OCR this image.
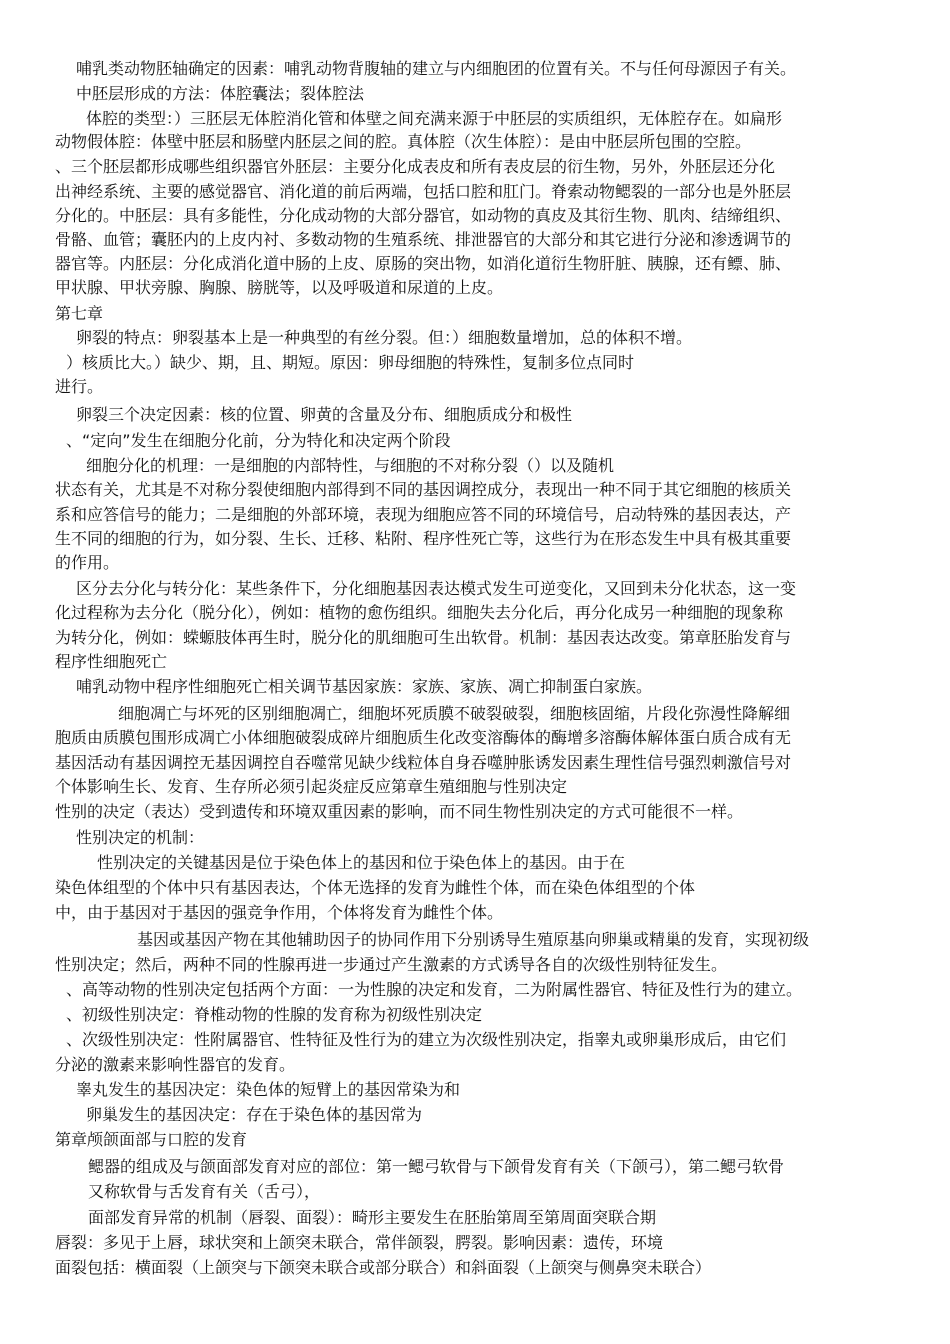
哺乳类动物胚轴确定的因素：哺乳动物背腹轴的建立与内细胞团的位置有关。不与任何母源因子有关。
中胚层形成的方法：体腔囊法；裂体腔法
体腔的类型：）三胚层无体腔消化管和体壁之间充满来源于中胚层的实质组织，无体腔存在。如扁形
动物假体腔：体壁中胚层和肠壁内胚层之间的腔。真体腔（次生体腔）：是由中胚层所包围的空腔。
、三个胚层都形成哪些组织器官外胚层：主要分化成表皮和所有表皮层的衍生物，另外，外胚层还分化
出神经系统、主要的感觉器官、消化道的前后两端，包括口腔和肛门。脊索动物鳃裂的一部分也是外胚层
分化的。中胚层：具有多能性，分化成动物的大部分器官，如动物的真皮及其衍生物、肌肉、结缔组织、
骨骼、血管；囊胚内的上皮内衬、多数动物的生殖系统、排泄器官的大部分和其它进行分泌和渗透调节的
器官等。内胚层：分化成消化道中肠的上皮、原肠的突出物，如消化道衍生物肝脏、胰腺，还有鳔、肺、
甲状腺、甲状旁腺、胸腺、膀胱等，以及呼吸道和尿道的上皮。
第七章
卵裂的特点：卵裂基本上是一种典型的有丝分裂。但：）细胞数量增加，总的体积不增。
）核质比大。）缺少、期，且、期短。原因：卵母细胞的特殊性，复制多位点同时
进行。
卵裂三个决定因素：核的位置、卵黄的含量及分布、细胞质成分和极性
、“定向”发生在细胞分化前，分为特化和决定两个阶段
细胞分化的机理：一是细胞的内部特性，与细胞的不对称分裂（）以及随机
状态有关，尤其是不对称分裂使细胞内部得到不同的基因调控成分，表现出一种不同于其它细胞的核质关
系和应答信号的能力；二是细胞的外部环境，表现为细胞应答不同的环境信号，启动特殊的基因表达，产
生不同的细胞的行为，如分裂、生长、迁移、粘附、程序性死亡等，这些行为在形态发生中具有极其重要
的作用。
区分去分化与转分化：某些条件下，分化细胞基因表达模式发生可逆变化，又回到未分化状态，这一变
化过程称为去分化（脱分化），例如：植物的愈伤组织。细胞失去分化后，再分化成另一种细胞的现象称
为转分化，例如：蝾螈肢体再生时，脱分化的肌细胞可生出软骨。机制：基因表达改变。第章胚胎发育与
程序性细胞死亡
哺乳动物中程序性细胞死亡相关调节基因家族：家族、家族、凋亡抑制蛋白家族。
细胞凋亡与坏死的区别细胞凋亡，细胞坏死质膜不破裂破裂，细胞核固缩，片段化弥漫性降解细
胞质由质膜包围形成凋亡小体细胞破裂成碎片细胞质生化改变溶酶体的酶增多溶酶体解体蛋白质合成有无
基因活动有基因调控无基因调控自吞噬常见缺少线粒体自身吞噬肿胀诱发因素生理性信号强烈刺激信号对
个体影响生长、发育、生存所必须引起炎症反应第章生殖细胞与性别决定
性别的决定（表达）受到遗传和环境双重因素的影响，而不同生物性别决定的方式可能很不一样。
性别决定的机制：
性别决定的关键基因是位于染色体上的基因和位于染色体上的基因。由于在
染色体组型的个体中只有基因表达，个体无选择的发育为雌性个体，而在染色体组型的个体
中，由于基因对于基因的强竞争作用，个体将发育为雌性个体。
基因或基因产物在其他辅助因子的协同作用下分别诱导生殖原基向卵巢或精巢的发育，实现初级
性别决定；然后，两种不同的性腺再进一步通过产生激素的方式诱导各自的次级性别特征发生。
、高等动物的性别决定包括两个方面：一为性腺的决定和发育，二为附属性器官、特征及性行为的建立。
、初级性别决定：脊椎动物的性腺的发育称为初级性别决定
、次级性别决定：性附属器官、性特征及性行为的建立为次级性别决定，指睾丸或卵巢形成后，由它们
分泌的激素来影响性器官的发育。
睾丸发生的基因决定：染色体的短臂上的基因常染为和
卵巢发生的基因决定：存在于染色体的基因常为
第章颅颌面部与口腔的发育
鳃器的组成及与颌面部发育对应的部位：第一鳃弓软骨与下颌骨发育有关（下颌弓），第二鳃弓软骨
又称软骨与舌发育有关（舌弓），
面部发育异常的机制（唇裂、面裂）：畸形主要发生在胚胎第周至第周面突联合期
唇裂：多见于上唇，球状突和上颌突未联合，常伴颌裂，腭裂。影响因素：遗传，环境
面裂包括：横面裂（上颌突与下颌突未联合或部分联合）和斜面裂（上颌突与侧鼻突未联合）
